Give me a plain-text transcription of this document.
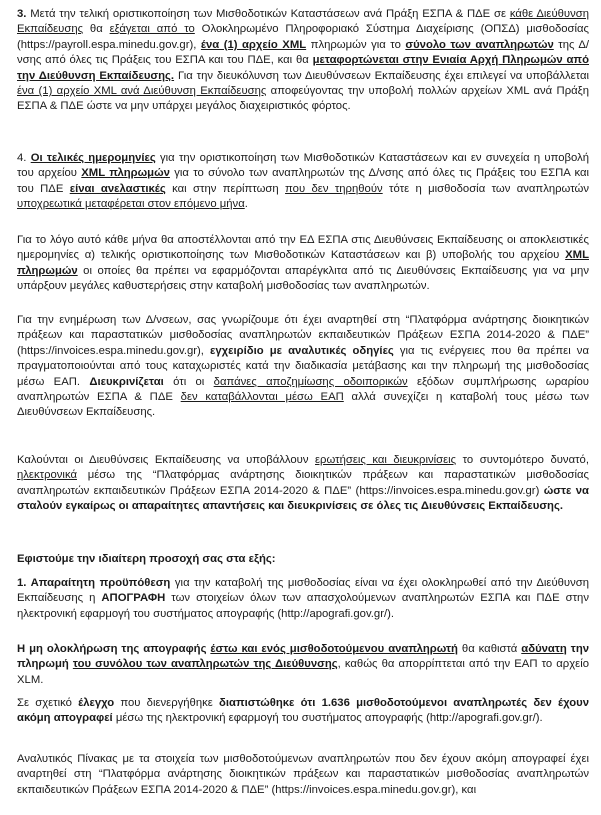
3. Μετά την τελική οριστικοποίηση των Μισθοδοτικών Καταστάσεων ανά Πράξη ΕΣΠΑ & ΠΔΕ σε κάθε Διεύθυνση Εκπαίδευσης θα εξάγεται από το Ολοκληρωμένο Πληροφοριακό Σύστημα Διαχείρισης (ΟΠΣΔ) μισθοδοσίας (https://payroll.espa.minedu.gov.gr), ένα (1) αρχείο XML πληρωμών για το σύνολο των αναπληρωτών της Δ/νσης από όλες τις Πράξεις του ΕΣΠΑ και του ΠΔΕ, και θα μεταφορτώνεται στην Ενιαία Αρχή Πληρωμών από την Διεύθυνση Εκπαίδευσης. Για την διευκόλυνση των Διευθύνσεων Εκπαίδευσης έχει επιλεγεί να υποβάλλεται ένα (1) αρχείο XML ανά Διεύθυνση Εκπαίδευσης αποφεύγοντας την υποβολή πολλών αρχείων XML ανά Πράξη ΕΣΠΑ & ΠΔΕ ώστε να μην υπάρχει μεγάλος διαχειριστικός φόρτος.

4. Οι τελικές ημερομηνίες για την οριστικοποίηση των Μισθοδοτικών Καταστάσεων και εν συνεχεία η υποβολή του αρχείου XML πληρωμών για το σύνολο των αναπληρωτών της Δ/νσης από όλες τις Πράξεις του ΕΣΠΑ και του ΠΔΕ είναι ανελαστικές και στην περίπτωση που δεν τηρηθούν τότε η μισθοδοσία των αναπληρωτών υποχρεωτικά μεταφέρεται στον επόμενο μήνα.

Για το λόγο αυτό κάθε μήνα θα αποστέλλονται από την ΕΔ ΕΣΠΑ στις Διευθύνσεις Εκπαίδευσης οι αποκλειστικές ημερομηνίες α) τελικής οριστικοποίησης των Μισθοδοτικών Καταστάσεων και β) υποβολής του αρχείου XML πληρωμών οι οποίες θα πρέπει να εφαρμόζονται απαρέγκλιτα από τις Διευθύνσεις Εκπαίδευσης για να μην υπάρξουν μεγάλες καθυστερήσεις στην καταβολή μισθοδοσίας των αναπληρωτών.

Για την ενημέρωση των Δ/νσεων, σας γνωρίζουμε ότι έχει αναρτηθεί στη “Πλατφόρμα ανάρτησης διοικητικών πράξεων και παραστατικών μισθοδοσίας αναπληρωτών εκπαιδευτικών Πράξεων ΕΣΠΑ 2014-2020 & ΠΔΕ” (https://invoices.espa.minedu.gov.gr), εγχειρίδιο με αναλυτικές οδηγίες για τις ενέργειες που θα πρέπει να πραγματοποιούνται από τους καταχωριστές κατά την διαδικασία μετάβασης και την πληρωμή της μισθοδοσίας μέσω ΕΑΠ. Διευκρινίζεται ότι οι δαπάνες αποζημίωσης οδοιπορικών εξόδων συμπλήρωσης ωραρίου αναπληρωτών ΕΣΠΑ & ΠΔΕ δεν καταβάλλονται μέσω ΕΑΠ αλλά συνεχίζει η καταβολή τους μέσω των Διευθύνσεων Εκπαίδευσης.

Καλούνται οι Διευθύνσεις Εκπαίδευσης να υποβάλλουν ερωτήσεις και διευκρινίσεις το συντομότερο δυνατό, ηλεκτρονικά μέσω της “Πλατφόρμας ανάρτησης διοικητικών πράξεων και παραστατικών μισθοδοσίας αναπληρωτών εκπαιδευτικών Πράξεων ΕΣΠΑ 2014-2020 & ΠΔΕ” (https://invoices.espa.minedu.gov.gr) ώστε να σταλούν εγκαίρως οι απαραίτητες απαντήσεις και διευκρινίσεις σε όλες τις Διευθύνσεις Εκπαίδευσης.

Εφιστούμε την ιδιαίτερη προσοχή σας στα εξής:

1. Απαραίτητη προϋπόθεση για την καταβολή της μισθοδοσίας είναι να έχει ολοκληρωθεί από την Διεύθυνση Εκπαίδευσης η ΑΠΟΓΡΑΦΗ των στοιχείων όλων των απασχολούμενων αναπληρωτών ΕΣΠΑ και ΠΔΕ στην ηλεκτρονική εφαρμογή του συστήματος απογραφής (http://apografi.gov.gr/).

Η μη ολοκλήρωση της απογραφής έστω και ενός μισθοδοτούμενου αναπληρωτή θα καθιστά αδύνατη την πληρωμή του συνόλου των αναπληρωτών της Διεύθυνσης, καθώς θα απορρίπτεται από την ΕΑΠ το αρχείο XLM.

Σε σχετικό έλεγχο που διενεργήθηκε διαπιστώθηκε ότι 1.636 μισθοδοτούμενοι αναπληρωτές δεν έχουν ακόμη απογραφεί μέσω της ηλεκτρονική εφαρμογή του συστήματος απογραφής (http://apografi.gov.gr/).

Αναλυτικός Πίνακας με τα στοιχεία των μισθοδοτούμενων αναπληρωτών που δεν έχουν ακόμη απογραφεί έχει αναρτηθεί στη “Πλατφόρμα ανάρτησης διοικητικών πράξεων και παραστατικών μισθοδοσίας αναπληρωτών εκπαιδευτικών Πράξεων ΕΣΠΑ 2014-2020 & ΠΔΕ” (https://invoices.espa.minedu.gov.gr), και
